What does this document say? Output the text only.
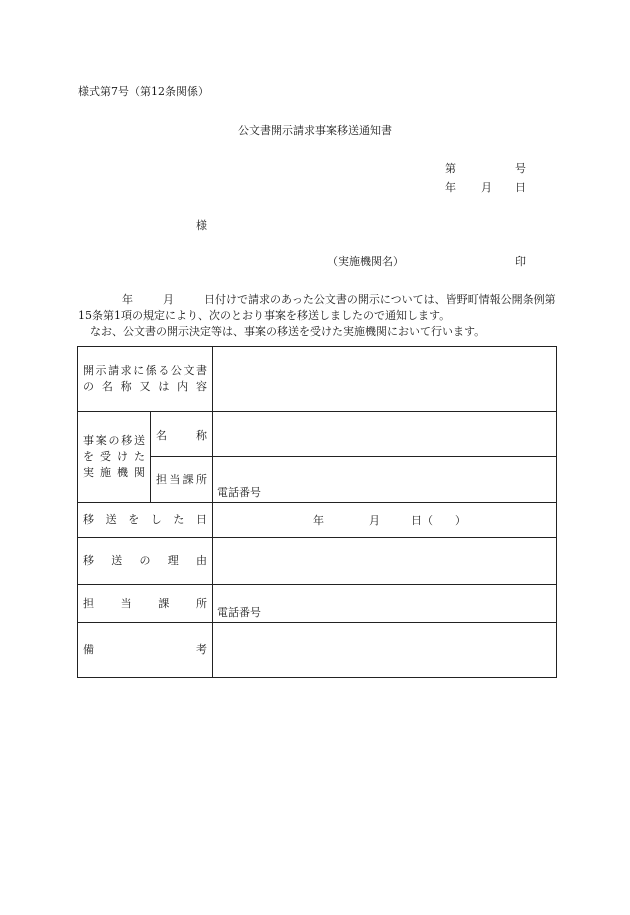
様式第7号（第12条関係）
公文書開示請求事案移送通知書
第	号
年 月 日
様
（実施機関名）	印

年	月	日付けで請求のあった公文書の開示については、皆野町情報公開条例第15条第1項の規定により、次のとおり事案を移送しましたので通知します。

なお、公文書の開示決定等は、事案の移送を受けた実施機関において行います。

開示請求に係る公文書
の名称又は内容		

事案の移送
を受けた
実施機関	名　　称	

	担当課所	電話番号

移送をした日		年 月 日（　　）

移送の理由		

担当課所		電話番号

備考		
